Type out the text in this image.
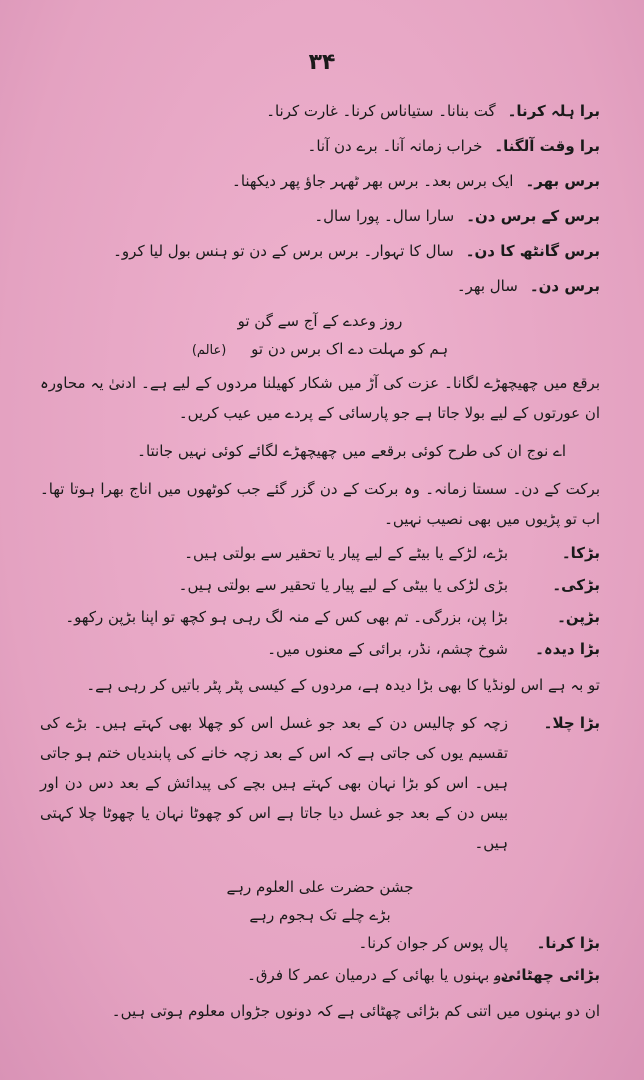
۳۴
برا ہلہ کرنا۔
گت بنانا۔ ستیاناس کرنا۔ غارت کرنا۔
برا وقت آلگنا۔
خراب زمانہ آنا۔ برے دن آنا۔
برس بھر۔
ایک برس بعد۔ برس بھر ٹھہر جاؤ پھر دیکھنا۔
برس کے برس دن۔
سارا سال۔ پورا سال۔
برس گانٹھ کا دن۔
سال کا تہوار۔ برس برس کے دن تو ہنس بول لیا کرو۔
برس دن۔
سال بھر۔
روز وعدے کے آج سے گن تو
ہم کو مہلت دے اک برس دن تو (عالم)

برقع میں چھیچھڑے لگانا۔ عزت کی آڑ میں شکار کھیلنا مردوں کے لیے ہے۔ ادنیٰ یہ محاورہ ان عورتوں کے لیے بولا جاتا ہے جو پارسائی کے پردے میں عیب کریں۔

اے نوج ان کی طرح کوئی برقعے میں چھیچھڑے لگائے کوئی نہیں جانتا۔

برکت کے دن۔ سستا زمانہ۔ وہ برکت کے دن گزر گئے جب کوٹھوں میں اناج بھرا ہوتا تھا۔ اب تو پڑیوں میں بھی نصیب نہیں۔

بڑکا۔
بڑے، لڑکے یا بیٹے کے لیے پیار یا تحقیر سے بولتی ہیں۔
بڑکی۔
بڑی لڑکی یا بیٹی کے لیے پیار یا تحقیر سے بولتی ہیں۔
بڑپن۔
بڑا پن، بزرگی۔ تم بھی کس کے منہ لگ رہی ہو کچھ تو اپنا بڑپن رکھو۔
بڑا دیدہ۔
شوخ چشم، نڈر، برائی کے معنوں میں۔

تو بہ ہے اس لونڈیا کا بھی بڑا دیدہ ہے، مردوں کے کیسی پٹر پٹر باتیں کر رہی ہے۔

بڑا چلا۔
زچہ کو چالیس دن کے بعد جو غسل اس کو چھلا بھی کہتے ہیں۔ بڑے کی تقسیم یوں کی جاتی ہے کہ اس کے بعد زچہ خانے کی پابندیاں ختم ہو جاتی ہیں۔ اس کو بڑا نہان بھی کہتے ہیں بچے کی پیدائش کے بعد دس دن اور بیس دن کے بعد جو غسل دیا جاتا ہے اس کو چھوٹا نہان یا چھوٹا چلا کہتی ہیں۔
جشن حضرت علی العلوم رہے
بڑے چلے تک ہجوم رہے
بڑا کرنا۔
پال پوس کر جوان کرنا۔
بڑائی چھٹائی۔
دو بہنوں یا بھائی کے درمیان عمر کا فرق۔

ان دو بہنوں میں اتنی کم بڑائی چھٹائی ہے کہ دونوں جڑواں معلوم ہوتی ہیں۔
